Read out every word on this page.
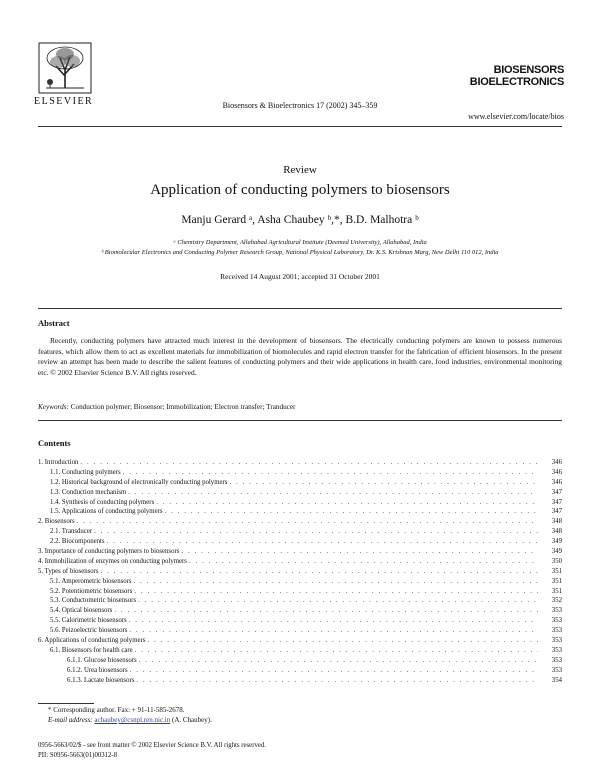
ELSEVIER	Biosensors & Bioelectronics 17 (2002) 345–359
BIOSENSORS
BIOELECTRONICS
www.elsevier.com/locate/bios
Review
Application of conducting polymers to biosensors
Manju Gerard ᵃ, Asha Chaubey ᵇ,*, B.D. Malhotra ᵇ
ᵃ Chemistry Department, Allahabad Agricultural Institute (Deemed University), Allahabad, India
ᵇ Biomolecular Electronics and Conducting Polymer Research Group, National Physical Laboratory, Dr. K.S. Krishnan Marg, New Delhi 110 012, India
Received 14 August 2001; accepted 31 October 2001
Abstract
Recently, conducting polymers have attracted much interest in the development of biosensors. The electrically conducting polymers are known to possess numerous features, which allow them to act as excellent materials for immobilization of biomolecules and rapid electron transfer for the fabrication of efficient biosensors. In the present review an attempt has been made to describe the salient features of conducting polymers and their wide applications in health care, food industries, environmental monitoring etc. © 2002 Elsevier Science B.V. All rights reserved.
Keywords: Conduction polymer; Biosensor; Immobilization; Electron transfer; Tranducer
Contents
1. Introduction . . .	346
1.1. Conducting polymers . . .	346
1.2. Historical background of electronically conducting polymers . . .	346
1.3. Conduction mechanism . . .	347
1.4. Synthesis of conducting polymers . . .	347
1.5. Applications of conducting polymers . . .	347
2. Biosensors . . .	348
2.1. Transducer . . .	348
2.2. Biocomponents . . .	349
3. Importance of conducting polymers to biosensors . . .	349
4. Immobilization of enzymes on conducting polymers . . .	350
5. Types of biosensors . . .	351
5.1. Amperometric biosensors . . .	351
5.2. Potentiometric biosensors . . .	351
5.3. Conductometric biosensors . . .	352
5.4. Optical biosensors . . .	353
5.5. Calorimetric biosensors . . .	353
5.6. Peizoelectric biosensors . . .	353
6. Applications of conducting polymers . . .	353
6.1. Biosensors for health care . . .	353
6.1.1. Glucose biosensors . . .	353
6.1.2. Urea biosensors . . .	353
6.1.3. Lactate biosensors . . .	354
* Corresponding author. Fax: + 91-11-585-2678.
E-mail address: achaubey@csnpl.ren.nic.in (A. Chaubey).
0956-5663/02/$ - see front matter © 2002 Elsevier Science B.V. All rights reserved.
PII: S0956-5663(01)00312-8
